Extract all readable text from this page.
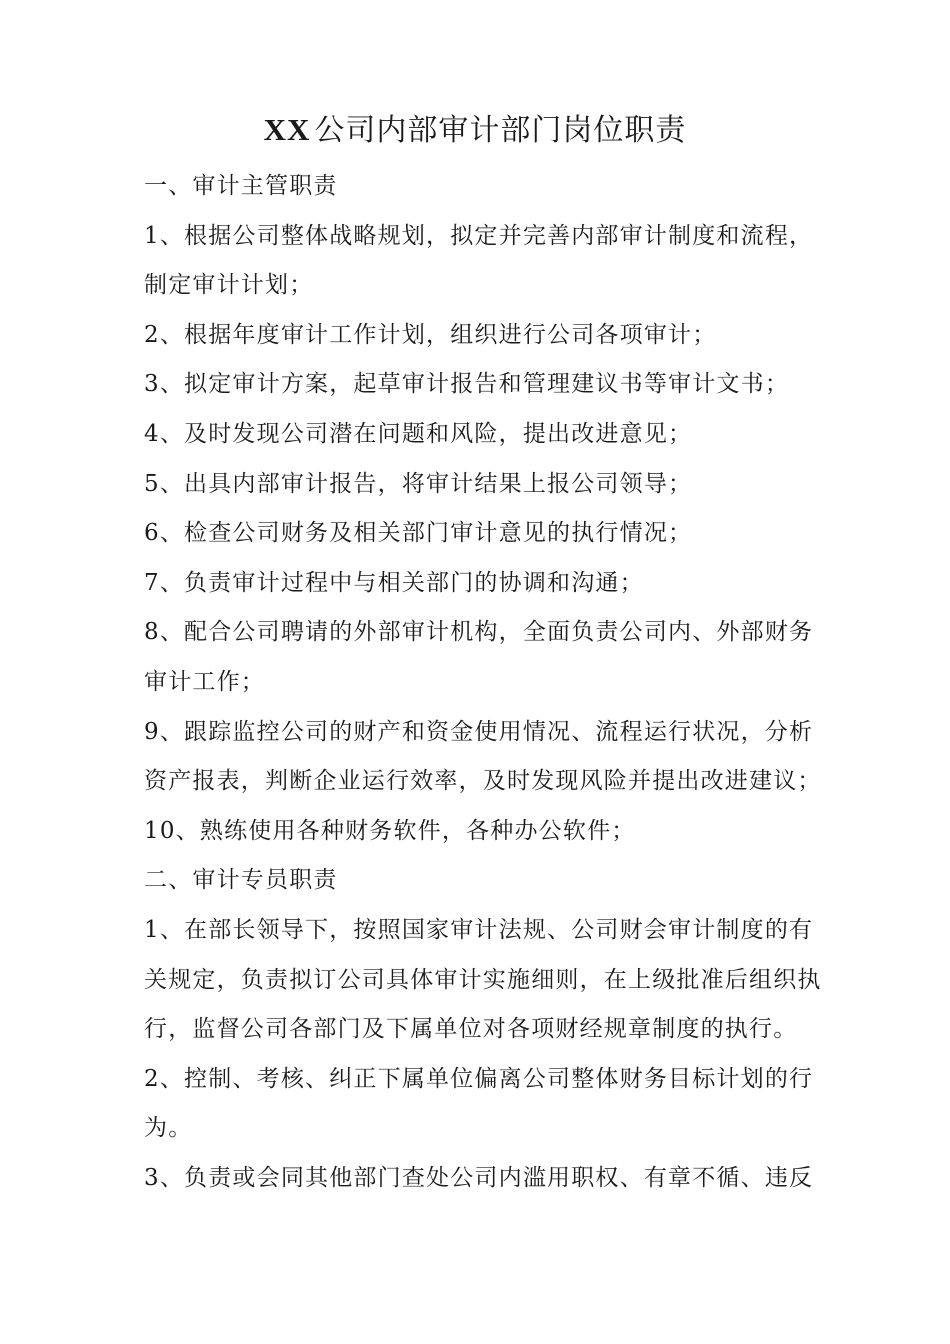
XX 公司内部审计部门岗位职责
一、审计主管职责
1、根据公司整体战略规划，拟定并完善内部审计制度和流程，
制定审计计划；
2、根据年度审计工作计划，组织进行公司各项审计；
3、拟定审计方案，起草审计报告和管理建议书等审计文书；
4、及时发现公司潜在问题和风险，提出改进意见；
5、出具内部审计报告，将审计结果上报公司领导；
6、检查公司财务及相关部门审计意见的执行情况；
7、负责审计过程中与相关部门的协调和沟通；
8、配合公司聘请的外部审计机构，全面负责公司内、外部财务
审计工作；
9、跟踪监控公司的财产和资金使用情况、流程运行状况，分析
资产报表，判断企业运行效率，及时发现风险并提出改进建议；
10、熟练使用各种财务软件，各种办公软件；
二、审计专员职责
1、在部长领导下，按照国家审计法规、公司财会审计制度的有
关规定，负责拟订公司具体审计实施细则，在上级批准后组织执
行，监督公司各部门及下属单位对各项财经规章制度的执行。
2、控制、考核、纠正下属单位偏离公司整体财务目标计划的行
为。
3、负责或会同其他部门查处公司内滥用职权、有章不循、违反
